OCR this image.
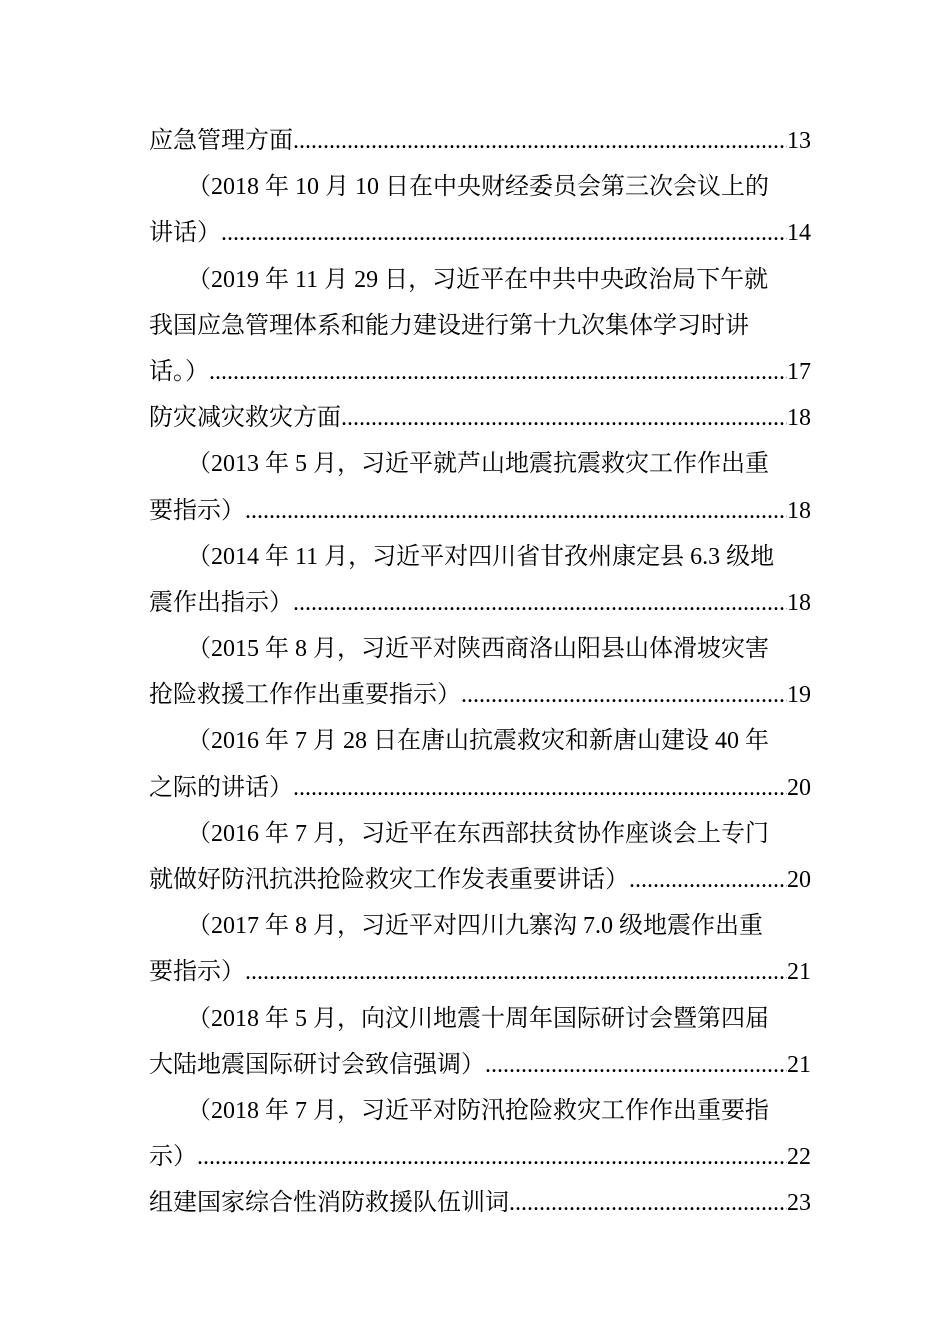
应急管理方面 .....	13
（2018 年 10 月 10 日在中央财经委员会第三次会议上的
讲话） .....	14
（2019 年 11 月 29 日，习近平在中共中央政治局下午就
我国应急管理体系和能力建设进行第十九次集体学习时讲
话。） .....	17
防灾减灾救灾方面 .....	18
（2013 年 5 月，习近平就芦山地震抗震救灾工作作出重
要指示） .....	18
（2014 年 11 月，习近平对四川省甘孜州康定县 6.3 级地
震作出指示） .....	18
（2015 年 8 月，习近平对陕西商洛山阳县山体滑坡灾害
抢险救援工作作出重要指示） .....	19
（2016 年 7 月 28 日在唐山抗震救灾和新唐山建设 40 年
之际的讲话） .....	20
（2016 年 7 月，习近平在东西部扶贫协作座谈会上专门
就做好防汛抗洪抢险救灾工作发表重要讲话） .....	20
（2017 年 8 月，习近平对四川九寨沟 7.0 级地震作出重
要指示） .....	21
（2018 年 5 月，向汶川地震十周年国际研讨会暨第四届
大陆地震国际研讨会致信强调） .....	21
（2018 年 7 月，习近平对防汛抢险救灾工作作出重要指
示） .....	22
组建国家综合性消防救援队伍训词 .....	23
